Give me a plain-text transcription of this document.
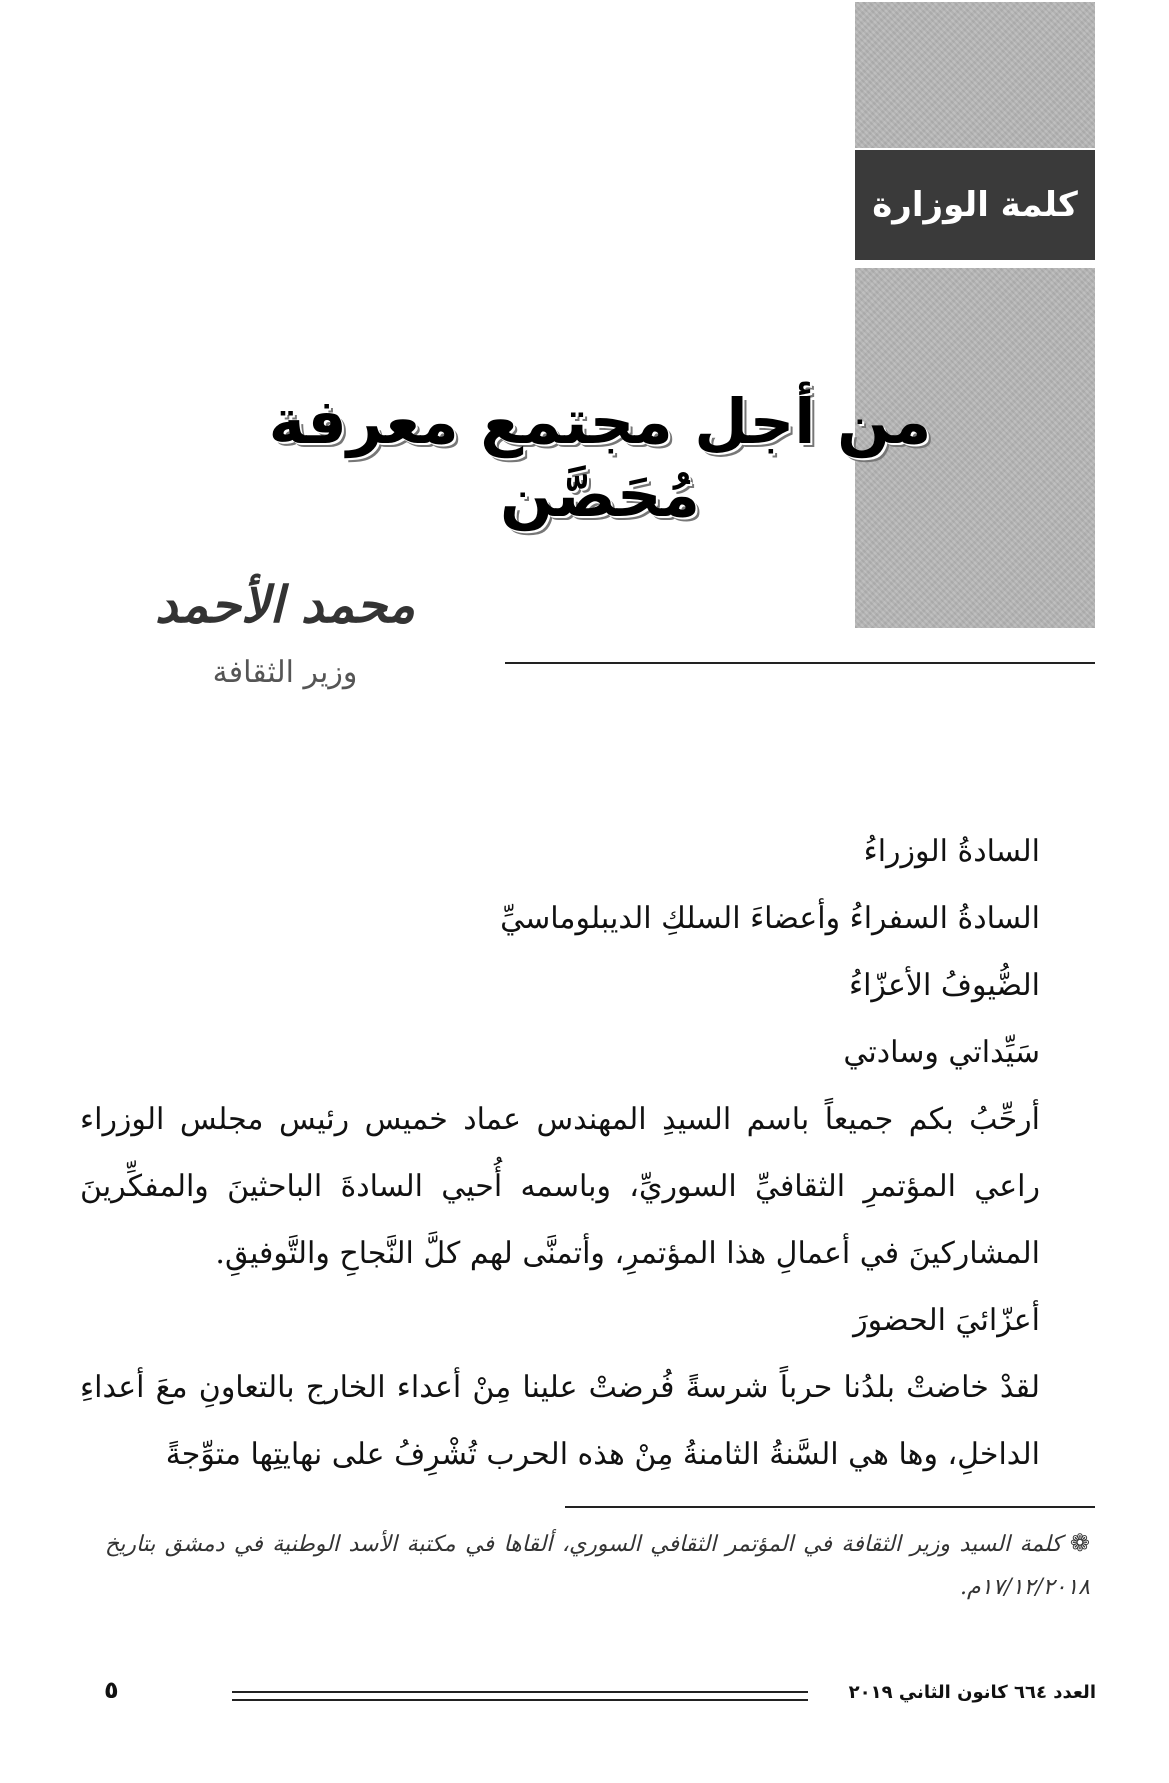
كلمة الوزارة
من أجل مجتمع معرفة مُحَصَّن
محمد الأحمد
وزير الثقافة

السادةُ الوزراءُ

السادةُ السفراءُ وأعضاءَ السلكِ الديبلوماسيِّ

الضُّيوفُ الأعزّاءُ

سَيِّداتي وسادتي

أرحِّبُ بكم جميعاً باسم السيدِ المهندس عماد خميس رئيس مجلس الوزراء راعي المؤتمرِ الثقافيِّ السوريِّ، وباسمه أُحيي السادةَ الباحثينَ والمفكِّرينَ المشاركينَ في أعمالِ هذا المؤتمرِ، وأتمنَّى لهم كلَّ النَّجاحِ والتَّوفيقِ.

أعزّائيَ الحضورَ

لقدْ خاضتْ بلدُنا حرباً شرسةً فُرضتْ علينا مِنْ أعداء الخارج بالتعاونِ معَ أعداءِ الداخلِ، وها هي السَّنةُ الثامنةُ مِنْ هذه الحرب تُشْرِفُ على نهايتِها متوِّجةً

❁كلمة السيد وزير الثقافة في المؤتمر الثقافي السوري، ألقاها في مكتبة الأسد الوطنية في دمشق بتاريخ ١٧/١٢/٢٠١٨م.
العدد ٦٦٤ كانون الثاني ٢٠١٩
٥
